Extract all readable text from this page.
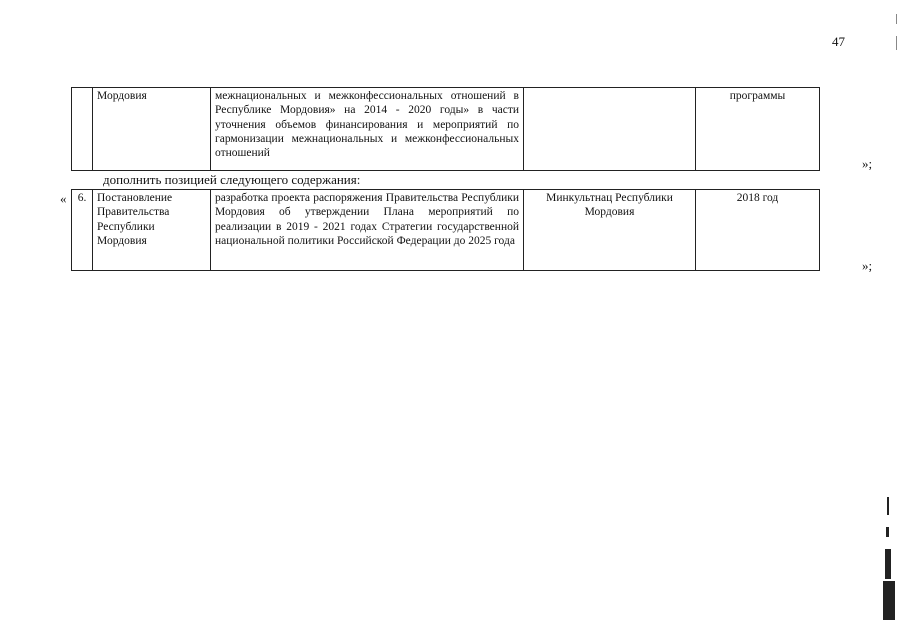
47
	Мордовия	межнациональных и межконфессиональных отношений в Республике Мордовия» на 2014 - 2020 годы» в части уточнения объемов финансирования и мероприятий по гармонизации межнациональных и межконфессиональных отношений		программы
»;
дополнить позицией следующего содержания:
« 6.	Постановление Правительства Республики Мордовия	разработка проекта распоряжения Правительства Республики Мордовия об утверждении Плана мероприятий по реализации в 2019 - 2021 годах Стратегии государственной национальной политики Российской Федерации до 2025 года	Минкультнац Республики Мордовия	2018 год
»;
